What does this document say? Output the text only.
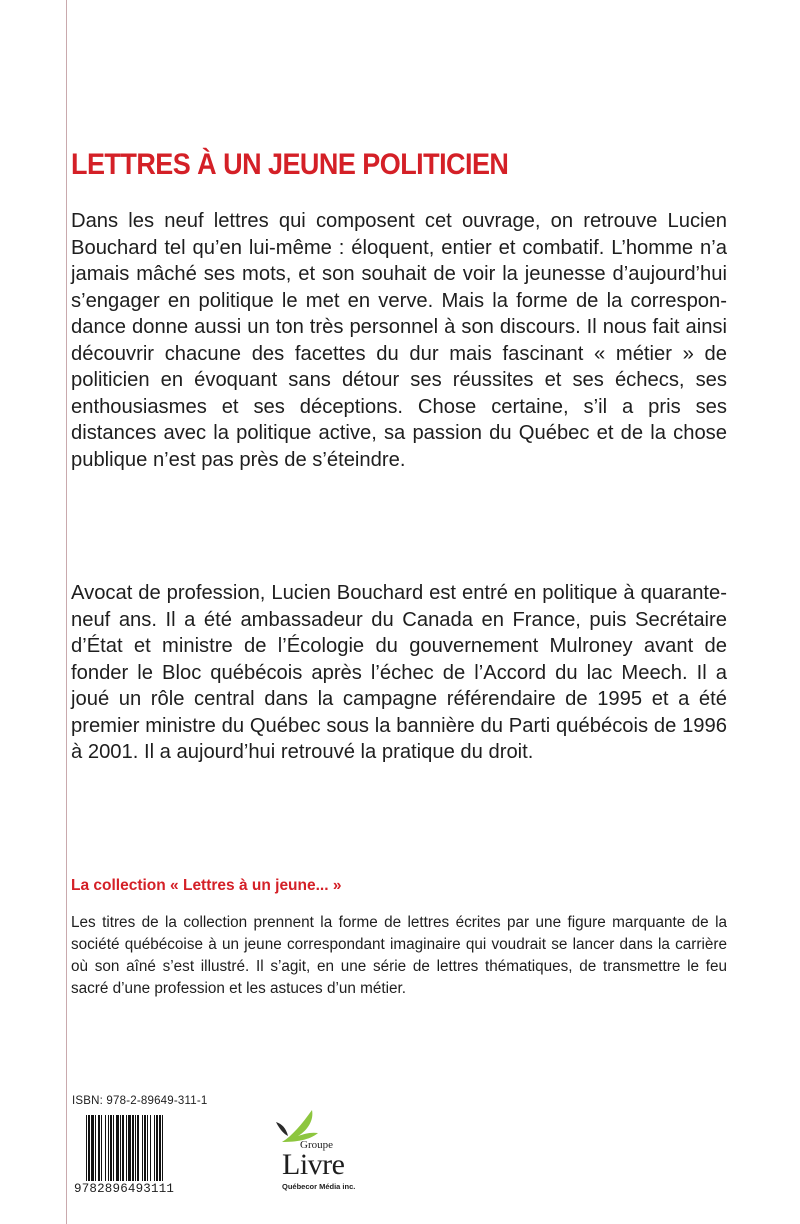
LETTRES À UN JEUNE POLITICIEN

Dans les neuf lettres qui composent cet ouvrage, on retrouve Lucien Bouchard tel qu’en lui-même : éloquent, entier et combatif. L’homme n’a jamais mâché ses mots, et son souhait de voir la jeunesse d’aujourd’hui s’engager en politique le met en verve. Mais la forme de la correspondance donne aussi un ton très personnel à son discours. Il nous fait ainsi découvrir chacune des facettes du dur mais fascinant « métier » de politicien en évoquant sans détour ses réussites et ses échecs, ses enthousiasmes et ses déceptions. Chose certaine, s’il a pris ses distances avec la politique active, sa passion du Québec et de la chose publique n’est pas près de s’éteindre.

Avocat de profession, Lucien Bouchard est entré en politique à quarante-neuf ans. Il a été ambassadeur du Canada en France, puis Secrétaire d’État et ministre de l’Écologie du gouvernement Mulroney avant de fonder le Bloc québécois après l’échec de l’Accord du lac Meech. Il a joué un rôle central dans la campagne référendaire de 1995 et a été premier ministre du Québec sous la bannière du Parti québécois de 1996 à 2001. Il a aujourd’hui retrouvé la pratique du droit.

La collection « Lettres à un jeune... »

Les titres de la collection prennent la forme de lettres écrites par une figure marquante de la société québécoise à un jeune correspondant imaginaire qui voudrait se lancer dans la carrière où son aîné s’est illustré. Il s’agit, en une série de lettres thématiques, de transmettre le feu sacré d’une profession et les astuces d’un métier.

ISBN: 978-2-89649-311-1
9782896493111
Groupe
Livre
Québecor Média inc.
